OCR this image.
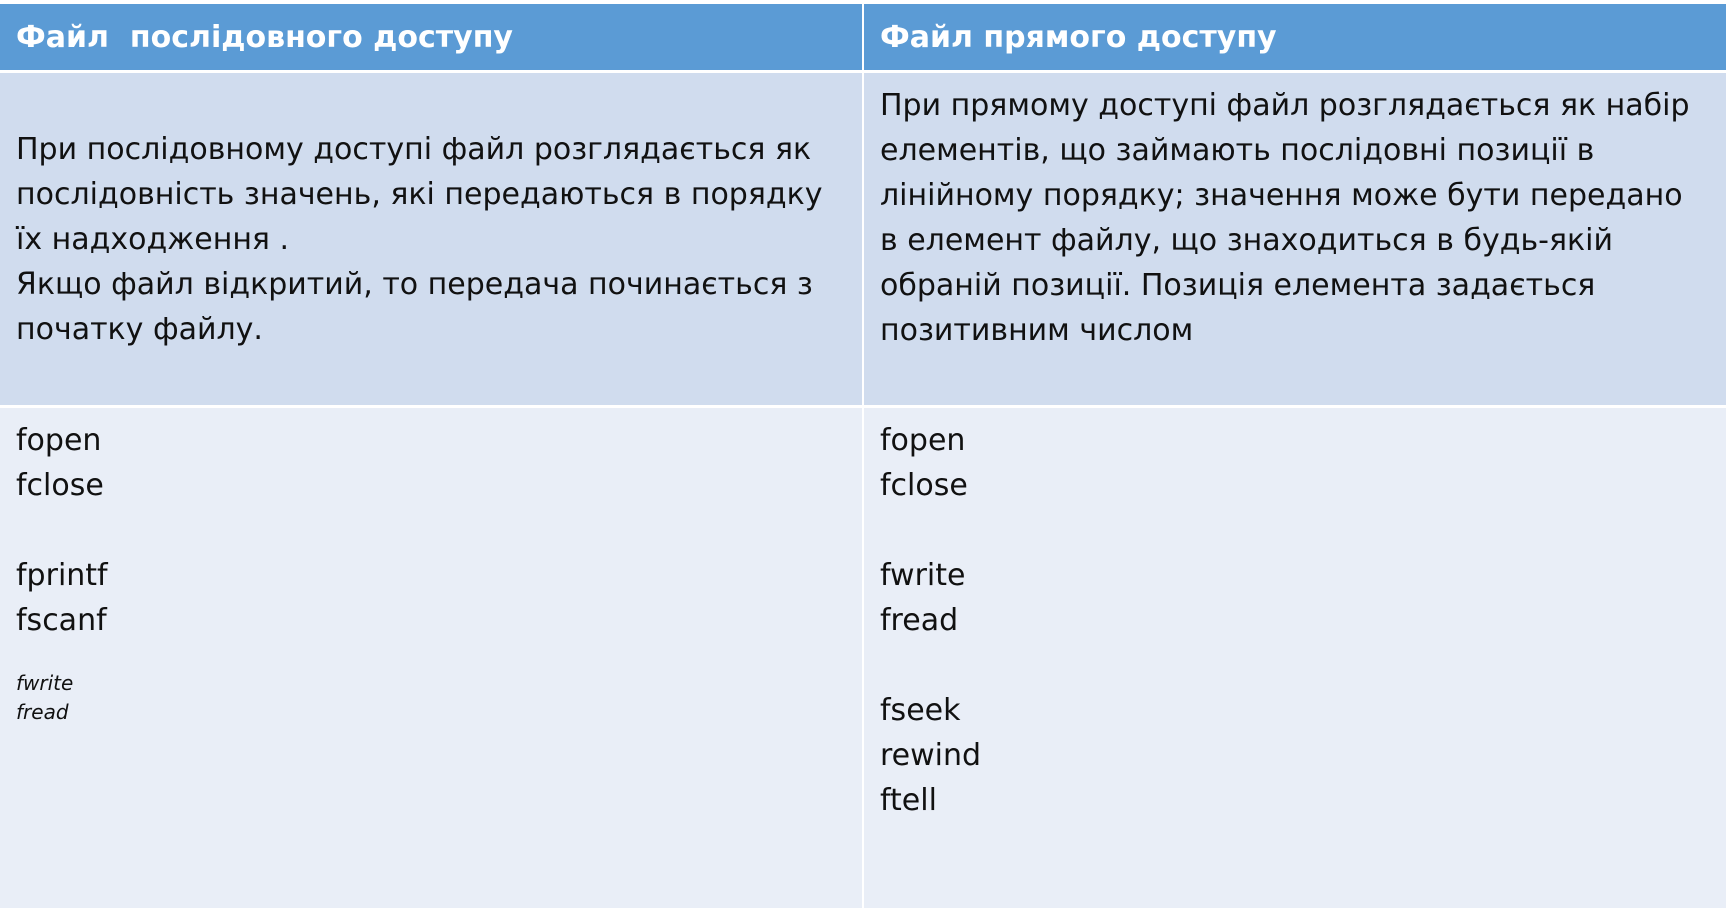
Файл  послідовного доступу	Файл прямого доступу
При послідовному доступі файл розглядається як
послідовність значень, які передаються в порядку
їх надходження .
Якщо файл відкритий, то передача починається з
початку файлу.
При прямому доступі файл розглядається як набір
елементів, що займають послідовні позиції в
лінійному порядку; значення може бути передано
в елемент файлу, що знаходиться в будь-якій
обраній позиції. Позиція елемента задається
позитивним числом
fopen
fclose
fprintf
fscanf
fwrite
fread
fopen
fclose
fwrite
fread
fseek
rewind
ftell
